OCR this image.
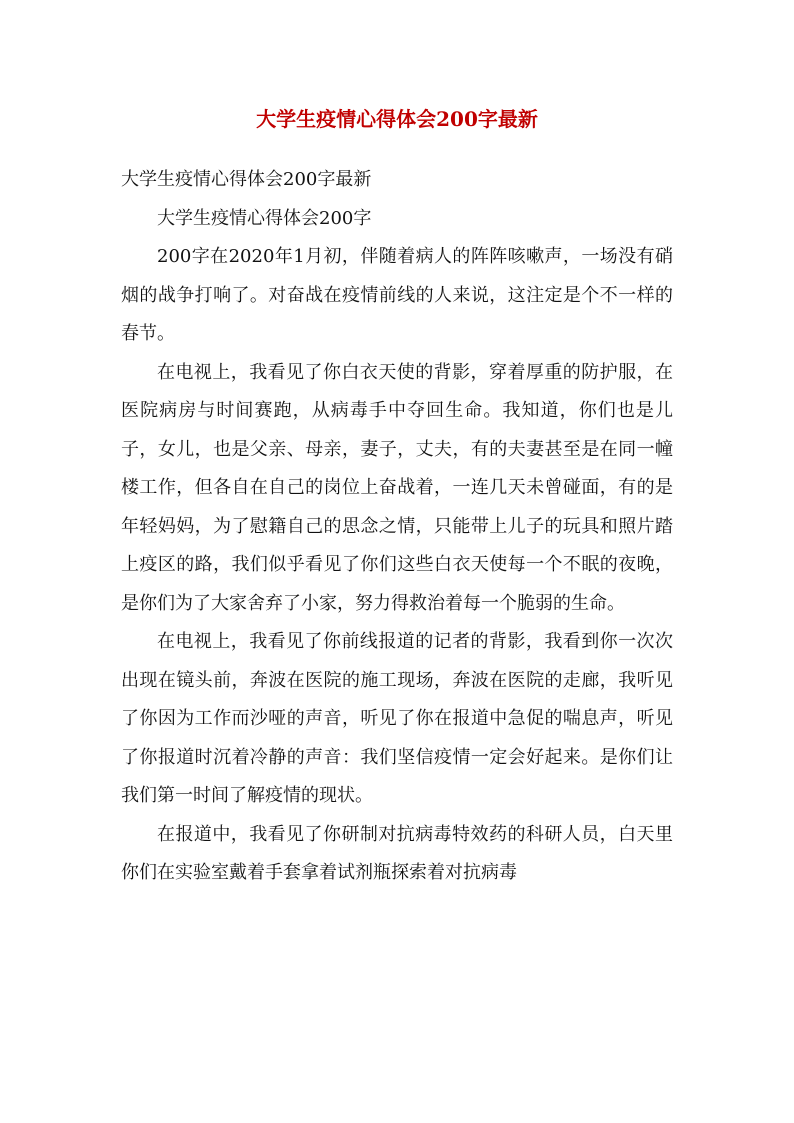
大学生疫情心得体会200字最新

大学生疫情心得体会200字最新

大学生疫情心得体会200字

200字在2020年1月初，伴随着病人的阵阵咳嗽声，一场没有硝烟的战争打响了。对奋战在疫情前线的人来说，这注定是个不一样的春节。

在电视上，我看见了你白衣天使的背影，穿着厚重的防护服，在医院病房与时间赛跑，从病毒手中夺回生命。我知道，你们也是儿子，女儿，也是父亲、母亲，妻子，丈夫，有的夫妻甚至是在同一幢楼工作，但各自在自己的岗位上奋战着，一连几天未曾碰面，有的是年轻妈妈，为了慰籍自己的思念之情，只能带上儿子的玩具和照片踏上疫区的路，我们似乎看见了你们这些白衣天使每一个不眠的夜晚，是你们为了大家舍弃了小家，努力得救治着每一个脆弱的生命。

在电视上，我看见了你前线报道的记者的背影，我看到你一次次出现在镜头前，奔波在医院的施工现场，奔波在医院的走廊，我听见了你因为工作而沙哑的声音，听见了你在报道中急促的喘息声，听见了你报道时沉着冷静的声音：我们坚信疫情一定会好起来。是你们让我们第一时间了解疫情的现状。

在报道中，我看见了你研制对抗病毒特效药的科研人员，白天里你们在实验室戴着手套拿着试剂瓶探索着对抗病毒
